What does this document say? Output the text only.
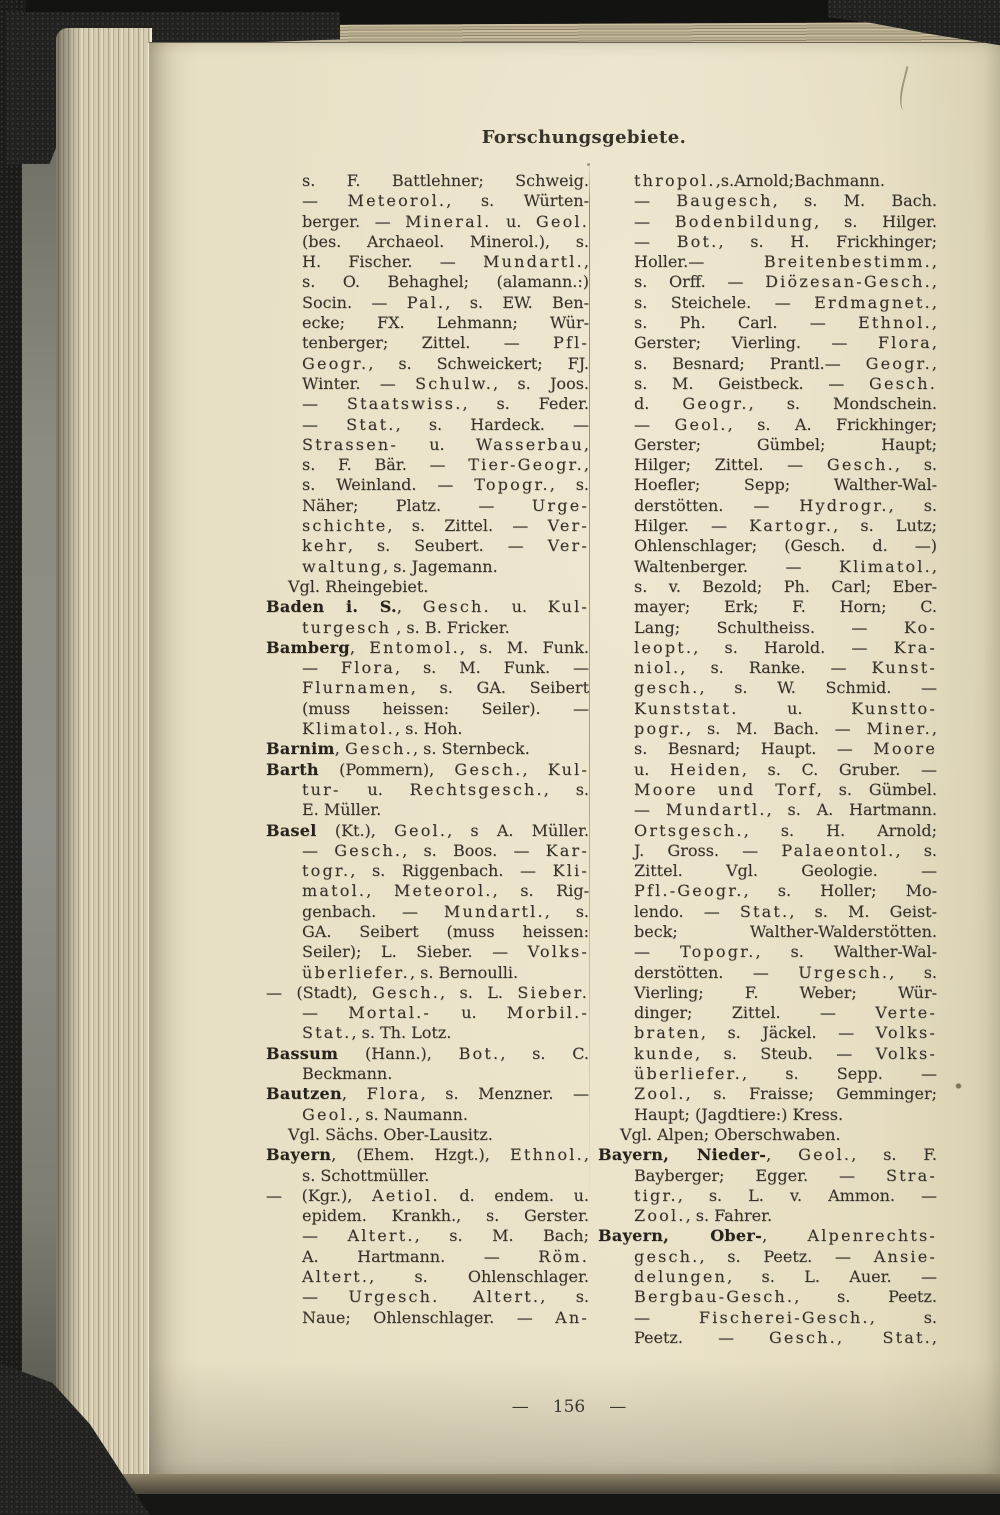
Forschungsgebiete.
s. F. Battlehner; Schweig.
— Meteorol., s. Würten-
berger. — Mineral. u. Geol.
(bes. Archaeol. Minerol.), s.
H. Fischer. — Mundartl.,
s. O. Behaghel; (alamann.:)
Socin. — Pal., s. EW. Ben-
ecke; FX. Lehmann; Wür-
tenberger; Zittel. — Pfl-
Geogr., s. Schweickert; FJ.
Winter. — Schulw., s. Joos.
— Staatswiss., s. Feder.
— Stat., s. Hardeck. —
Strassen- u. Wasserbau,
s. F. Bär. — Tier-Geogr.,
s. Weinland. — Topogr., s.
Näher; Platz. — Urge-
schichte, s. Zittel. — Ver-
kehr, s. Seubert. — Ver-
waltung, s. Jagemann.
Vgl. Rheingebiet.
Baden i. S., Gesch. u. Kul-
turgesch , s. B. Fricker.
Bamberg, Entomol., s. M. Funk.
— Flora, s. M. Funk. —
Flurnamen, s. GA. Seibert
(muss heissen: Seiler). —
Klimatol., s. Hoh.
Barnim, Gesch., s. Sternbeck.
Barth (Pommern), Gesch., Kul-
tur- u. Rechtsgesch., s.
E. Müller.
Basel (Kt.), Geol., s A. Müller.
— Gesch., s. Boos. — Kar-
togr., s. Riggenbach. — Kli-
matol., Meteorol., s. Rig-
genbach. — Mundartl., s.
GA. Seibert (muss heissen:
Seiler); L. Sieber. — Volks-
überliefer., s. Bernoulli.
— (Stadt), Gesch., s. L. Sieber.
— Mortal.- u. Morbil.-
Stat., s. Th. Lotz.
Bassum (Hann.), Bot., s. C.
Beckmann.
Bautzen, Flora, s. Menzner. —
Geol., s. Naumann.
Vgl. Sächs. Ober-Lausitz.
Bayern, (Ehem. Hzgt.), Ethnol.,
s. Schottmüller.
— (Kgr.), Aetiol. d. endem. u.
epidem. Krankh., s. Gerster.
— Altert., s. M. Bach;
A. Hartmann. — Röm.
Altert., s. Ohlenschlager.
— Urgesch. Altert., s.
Naue; Ohlenschlager. — An-
thropol.,s.Arnold;Bachmann.
— Baugesch, s. M. Bach.
— Bodenbildung, s. Hilger.
— Bot., s. H. Frickhinger;
Holler.— Breitenbestimm.,
s. Orff. — Diözesan-Gesch.,
s. Steichele. — Erdmagnet.,
s. Ph. Carl. — Ethnol.,
Gerster; Vierling. — Flora,
s. Besnard; Prantl.— Geogr.,
s. M. Geistbeck. — Gesch.
d. Geogr., s. Mondschein.
— Geol., s. A. Frickhinger;
Gerster; Gümbel; Haupt;
Hilger; Zittel. — Gesch., s.
Hoefler; Sepp; Walther-Wal-
derstötten. — Hydrogr., s.
Hilger. — Kartogr., s. Lutz;
Ohlenschlager; (Gesch. d. —)
Waltenberger. — Klimatol.,
s. v. Bezold; Ph. Carl; Eber-
mayer; Erk; F. Horn; C.
Lang; Schultheiss. — Ko-
leopt., s. Harold. — Kra-
niol., s. Ranke. — Kunst-
gesch., s. W. Schmid. —
Kunststat. u. Kunstto-
pogr., s. M. Bach. — Miner.,
s. Besnard; Haupt. — Moore
u. Heiden, s. C. Gruber. —
Moore und Torf, s. Gümbel.
— Mundartl., s. A. Hartmann.
Ortsgesch., s. H. Arnold;
J. Gross. — Palaeontol., s.
Zittel. Vgl. Geologie. —
Pfl.-Geogr., s. Holler; Mo-
lendo. — Stat., s. M. Geist-
beck; Walther-Walderstötten.
— Topogr., s. Walther-Wal-
derstötten. — Urgesch., s.
Vierling; F. Weber; Wür-
dinger; Zittel. — Verte-
braten, s. Jäckel. — Volks-
kunde, s. Steub. — Volks-
überliefer., s. Sepp. —
Zool., s. Fraisse; Gemminger;
Haupt; (Jagdtiere:) Kress.
Vgl. Alpen; Oberschwaben.
Bayern, Nieder-, Geol., s. F.
Bayberger; Egger. — Stra-
tigr., s. L. v. Ammon. —
Zool., s. Fahrer.
Bayern, Ober-, Alpenrechts-
gesch., s. Peetz. — Ansie-
delungen, s. L. Auer. —
Bergbau-Gesch., s. Peetz.
— Fischerei-Gesch., s.
Peetz. — Gesch., Stat.,
— 156 —
